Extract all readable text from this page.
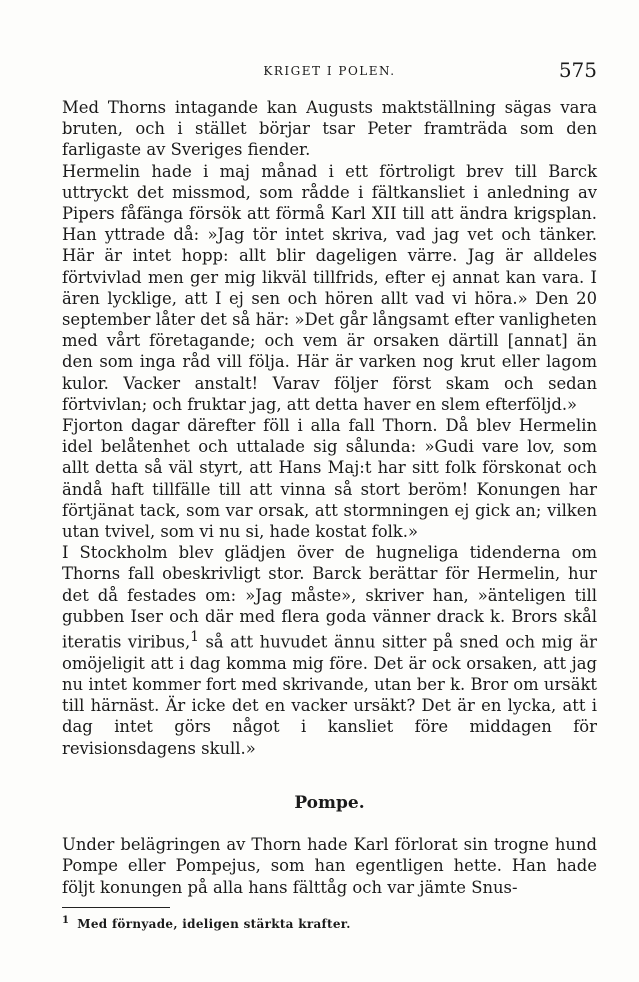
KRIGET I POLEN.	575

Med Thorns intagande kan Augusts maktställning sägas vara bruten, och i stället börjar tsar Peter framträda som den farligaste av Sveriges fiender.

Hermelin hade i maj månad i ett förtroligt brev till Barck uttryckt det missmod, som rådde i fältkansliet i anledning av Pipers fåfänga försök att förmå Karl XII till att ändra krigsplan. Han yttrade då: »Jag tör intet skriva, vad jag vet och tänker. Här är intet hopp: allt blir dageligen värre. Jag är alldeles förtvivlad men ger mig likväl tillfrids, efter ej annat kan vara. I ären lycklige, att I ej sen och hören allt vad vi höra.» Den 20 september låter det så här: »Det går långsamt efter vanligheten med vårt företagande; och vem är orsaken därtill [annat] än den som inga råd vill följa. Här är varken nog krut eller lagom kulor. Vacker anstalt! Varav följer först skam och sedan förtvivlan; och fruktar jag, att detta haver en slem efterföljd.»

Fjorton dagar därefter föll i alla fall Thorn. Då blev Hermelin idel belåtenhet och uttalade sig sålunda: »Gudi vare lov, som allt detta så väl styrt, att Hans Maj:t har sitt folk förskonat och ändå haft tillfälle till att vinna så stort beröm! Konungen har förtjänat tack, som var orsak, att stormningen ej gick an; vilken utan tvivel, som vi nu si, hade kostat folk.»

I Stockholm blev glädjen över de hugneliga tidenderna om Thorns fall obeskrivligt stor. Barck berättar för Hermelin, hur det då festades om: »Jag måste», skriver han, »änteligen till gubben Iser och där med flera goda vänner drack k. Brors skål iteratis viribus,$^1$ så att huvudet ännu sitter på sned och mig är omöjeligit att i dag komma mig före. Det är ock orsaken, att jag nu intet kommer fort med skrivande, utan ber k. Bror om ursäkt till härnäst. Är icke det en vacker ursäkt? Det är en lycka, att i dag intet görs något i kansliet före middagen för revisionsdagens skull.»

Pompe.

Under belägringen av Thorn hade Karl förlorat sin trogne hund Pompe eller Pompejus, som han egentligen hette. Han hade följt konungen på alla hans fälttåg och var jämte Snus-

$^1$ Med förnyade, ideligen stärkta krafter.
